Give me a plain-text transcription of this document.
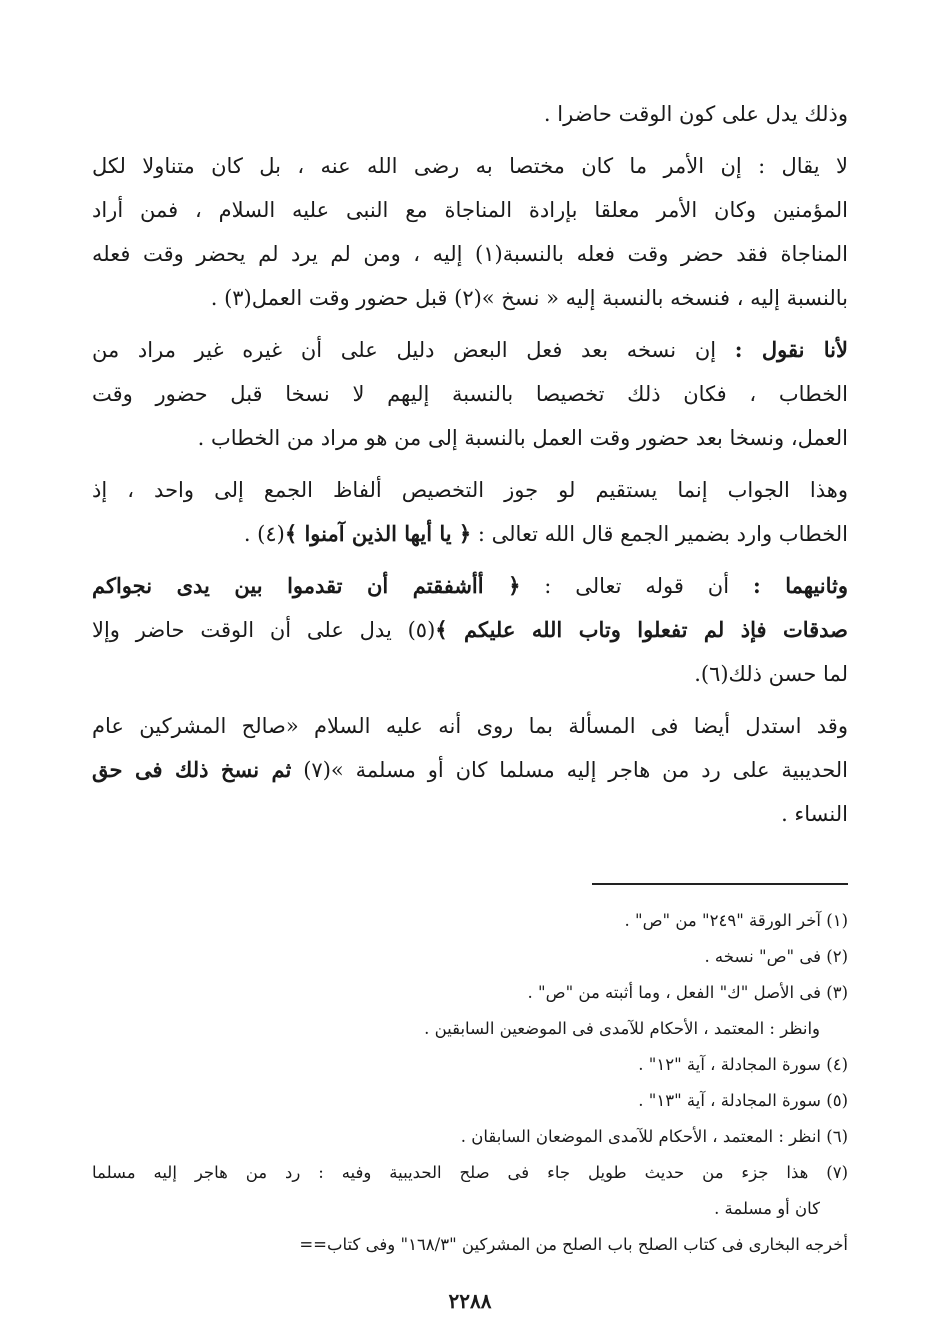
وذلك يدل على كون الوقت حاضرا .
لا يقال : إن الأمر ما كان مختصا به رضى الله عنه ، بل كان متناولا لكل
المؤمنين وكان الأمر معلقا بإرادة المناجاة مع النبى عليه السلام ، فمن أراد
المناجاة فقد حضر وقت فعله بالنسبة(١) إليه ، ومن لم يرد لم يحضر وقت فعله
بالنسبة إليه ، فنسخه بالنسبة إليه « نسخ »(٢) قبل حضور وقت العمل(٣) .
لأنا نقول : إن نسخه بعد فعل البعض دليل على أن غيره غير مراد من
الخطاب ، فكان ذلك تخصيصا بالنسبة إليهم لا نسخا قبل حضور وقت
العمل، ونسخا بعد حضور وقت العمل بالنسبة إلى من هو مراد من الخطاب .
وهذا الجواب إنما يستقيم لو جوز التخصيص ألفاظ الجمع إلى واحد ، إذ
الخطاب وارد بضمير الجمع قال الله تعالى : ﴿ يا أيها الذين آمنوا ﴾(٤) .
وثانيهما : أن قوله تعالى : ﴿ أأشفقتم أن تقدموا بين يدى نجواكم
صدقات فإذ لم تفعلوا وتاب الله عليكم ﴾(٥) يدل على أن الوقت حاضر وإلا
لما حسن ذلك(٦).
وقد استدل أيضا فى المسألة بما روى أنه عليه السلام «صالح المشركين عام
الحديبية على رد من هاجر إليه مسلما كان أو مسلمة »(٧) ثم نسخ ذلك فى حق
النساء .
(١) آخر الورقة "٢٤٩" من "ص" .
(٢) فى "ص" نسخه .
(٣) فى الأصل "ك" الفعل ، وما أثبته من "ص" .
وانظر : المعتمد ، الأحكام للآمدى فى الموضعين السابقين .
(٤) سورة المجادلة ، آية "١٢" .
(٥) سورة المجادلة ، آية "١٣" .
(٦) انظر : المعتمد ، الأحكام للآمدى الموضعان السابقان .
(٧) هذا جزء من حديث طويل جاء فى صلح الحديبية وفيه : رد من هاجر إليه مسلما
كان أو مسلمة .
أخرجه البخارى فى كتاب الصلح باب الصلح من المشركين "١٦٨/٣" وفى كتاب==
٢٢٨٨
